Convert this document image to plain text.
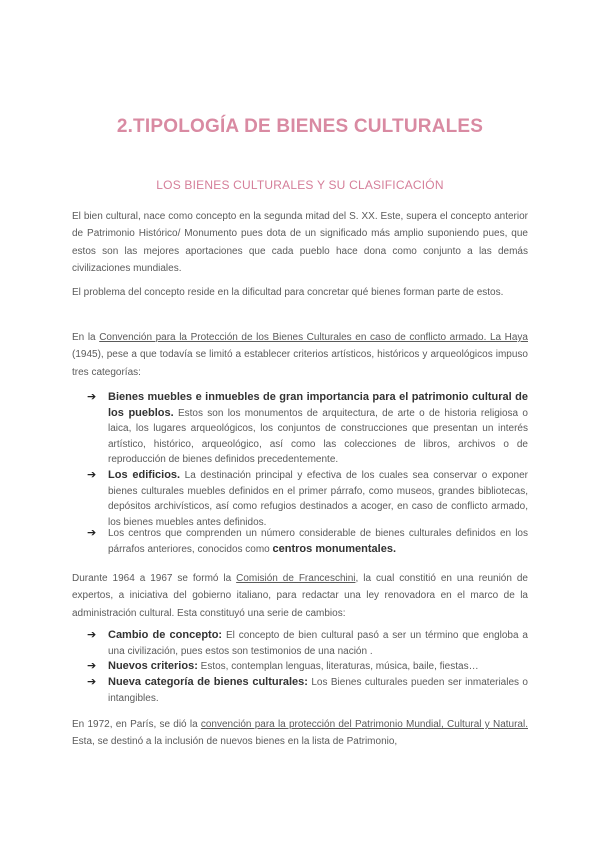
2.TIPOLOGÍA DE BIENES CULTURALES
LOS BIENES CULTURALES Y SU CLASIFICACIÓN
El bien cultural, nace como concepto en la segunda mitad del S. XX. Este, supera el concepto anterior de Patrimonio Histórico/ Monumento pues dota de un significado más amplio suponiendo pues, que estos son las mejores aportaciones que cada pueblo hace dona como conjunto a las demás civilizaciones mundiales.
El problema del concepto reside en la dificultad para concretar qué bienes forman parte de estos.
En la Convención para la Protección de los Bienes Culturales en caso de conflicto armado. La Haya (1945), pese a que todavía se limitó a establecer criterios artísticos, históricos y arqueológicos impuso tres categorías:
➔ Bienes muebles e inmuebles de gran importancia para el patrimonio cultural de los pueblos. Estos son los monumentos de arquitectura, de arte o de historia religiosa o laica, los lugares arqueológicos, los conjuntos de construcciones que presentan un interés artístico, histórico, arqueológico, así como las colecciones de libros, archivos o de reproducción de bienes definidos precedentemente.
➔ Los edificios. La destinación principal y efectiva de los cuales sea conservar o exponer bienes culturales muebles definidos en el primer párrafo, como museos, grandes bibliotecas, depósitos archivísticos, así como refugios destinados a acoger, en caso de conflicto armado, los bienes muebles antes definidos.
➔ Los centros que comprenden un número considerable de bienes culturales definidos en los párrafos anteriores, conocidos como centros monumentales.
Durante 1964 a 1967 se formó la Comisión de Franceschini, la cual constitió en una reunión de expertos, a iniciativa del gobierno italiano, para redactar una ley renovadora en el marco de la administración cultural. Esta constituyó una serie de cambios:
➔ Cambio de concepto: El concepto de bien cultural pasó a ser un término que engloba a una civilización, pues estos son testimonios de una nación .
➔ Nuevos criterios: Estos, contemplan lenguas, literaturas, música, baile, fiestas…
➔ Nueva categoría de bienes culturales: Los Bienes culturales pueden ser inmateriales o intangibles.
En 1972, en París, se dió la convención para la protección del Patrimonio Mundial, Cultural y Natural. Esta, se destinó a la inclusión de nuevos bienes en la lista de Patrimonio,
